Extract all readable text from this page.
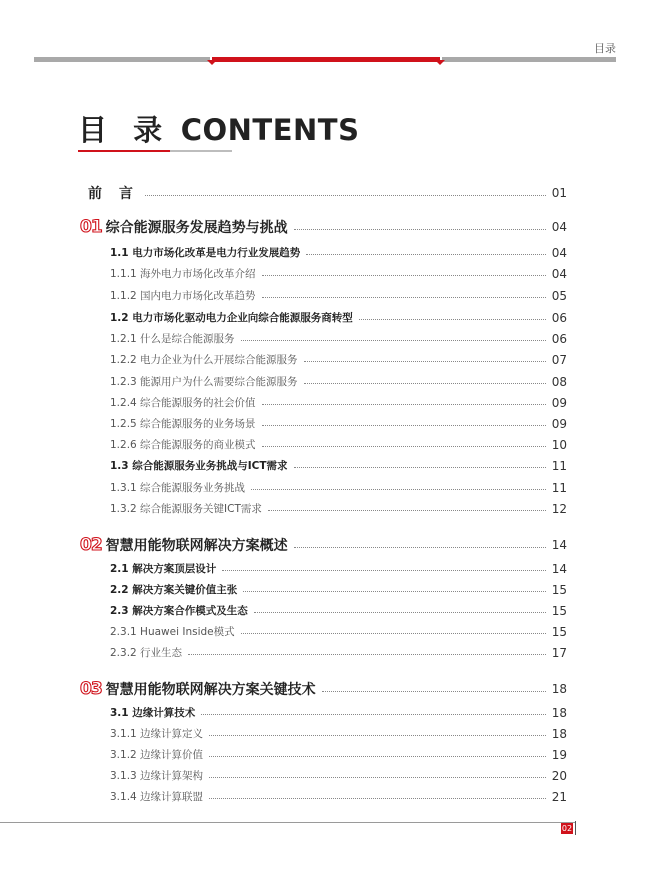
目录
目 录 CONTENTS
前 言	01
01 综合能源服务发展趋势与挑战	04
1.1 电力市场化改革是电力行业发展趋势	04
1.1.1 海外电力市场化改革介绍	04
1.1.2 国内电力市场化改革趋势	05
1.2 电力市场化驱动电力企业向综合能源服务商转型	06
1.2.1 什么是综合能源服务	06
1.2.2 电力企业为什么开展综合能源服务	07
1.2.3 能源用户为什么需要综合能源服务	08
1.2.4 综合能源服务的社会价值	09
1.2.5 综合能源服务的业务场景	09
1.2.6 综合能源服务的商业模式	10
1.3 综合能源服务业务挑战与ICT需求	11
1.3.1 综合能源服务业务挑战	11
1.3.2 综合能源服务关键ICT需求	12
02 智慧用能物联网解决方案概述	14
2.1 解决方案顶层设计	14
2.2 解决方案关键价值主张	15
2.3 解决方案合作模式及生态	15
2.3.1 Huawei Inside模式	15
2.3.2 行业生态	17
03 智慧用能物联网解决方案关键技术	18
3.1 边缘计算技术	18
3.1.1 边缘计算定义	18
3.1.2 边缘计算价值	19
3.1.3 边缘计算架构	20
3.1.4 边缘计算联盟	21
02
